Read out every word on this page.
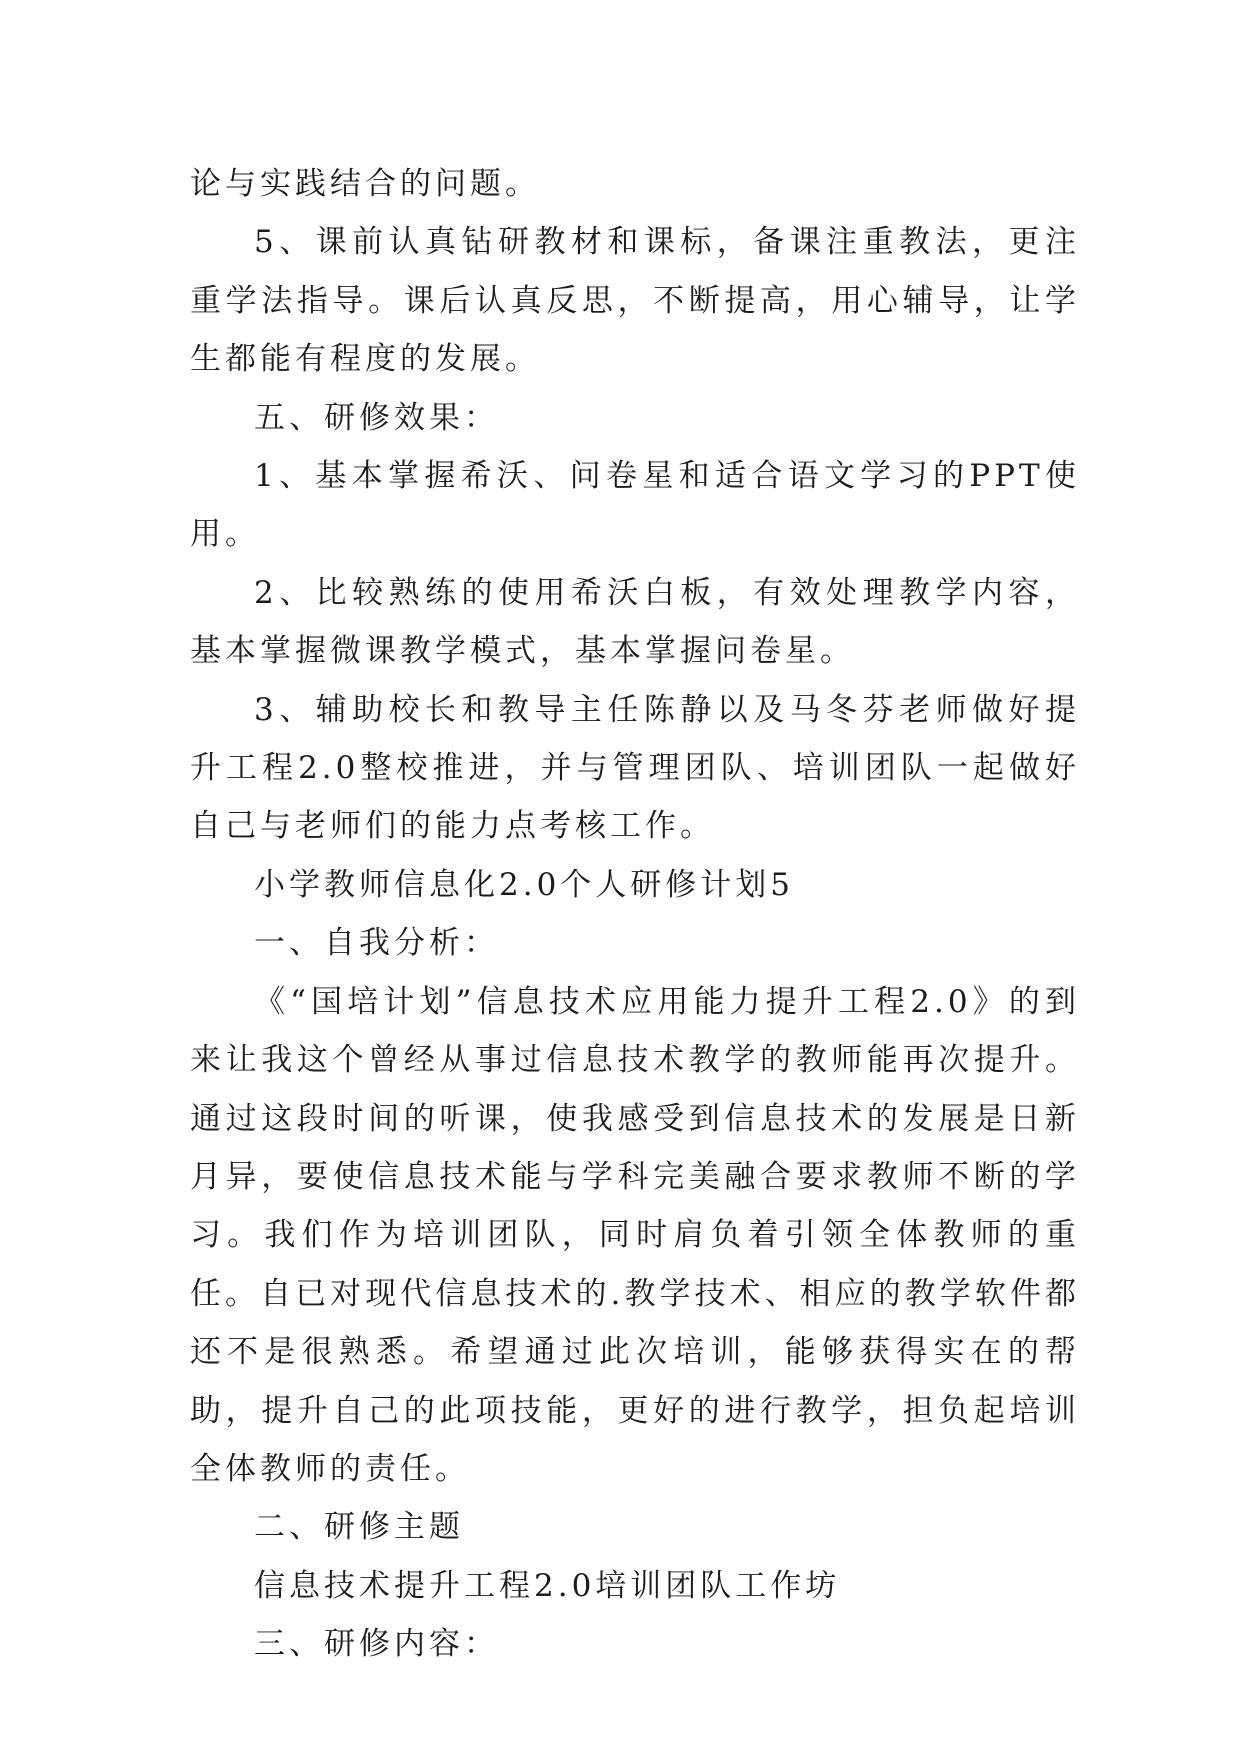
论与实践结合的问题。

5、课前认真钻研教材和课标，备课注重教法，更注重学法指导。课后认真反思，不断提高，用心辅导，让学生都能有程度的发展。

五、研修效果：

1、基本掌握希沃、问卷星和适合语文学习的PPT使用。

2、比较熟练的使用希沃白板，有效处理教学内容，基本掌握微课教学模式，基本掌握问卷星。

3、辅助校长和教导主任陈静以及马冬芬老师做好提升工程2.0整校推进，并与管理团队、培训团队一起做好自己与老师们的能力点考核工作。

小学教师信息化2.0个人研修计划5

一、自我分析：

《“国培计划”信息技术应用能力提升工程2.0》的到来让我这个曾经从事过信息技术教学的教师能再次提升。通过这段时间的听课，使我感受到信息技术的发展是日新月异，要使信息技术能与学科完美融合要求教师不断的学习。我们作为培训团队，同时肩负着引领全体教师的重任。自已对现代信息技术的.教学技术、相应的教学软件都还不是很熟悉。希望通过此次培训，能够获得实在的帮助，提升自己的此项技能，更好的进行教学，担负起培训全体教师的责任。

二、研修主题

信息技术提升工程2.0培训团队工作坊

三、研修内容：
